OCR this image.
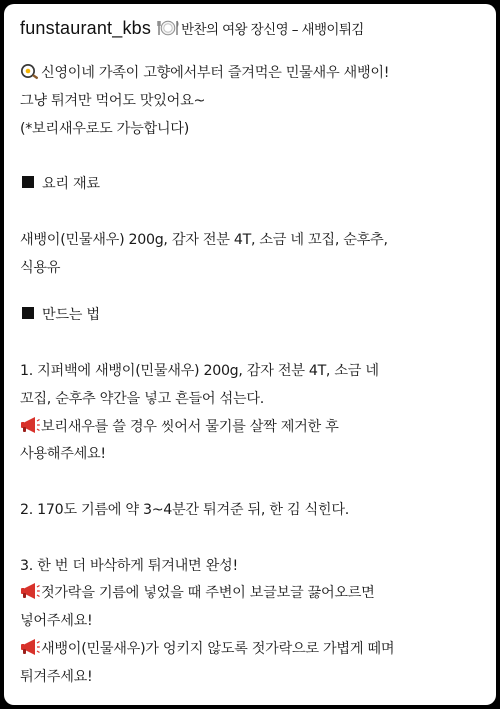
funstaurant_kbs 반찬의 여왕 장신영 – 새뱅이튀김
신영이네 가족이 고향에서부터 즐겨먹은 민물새우 새뱅이!
그냥 튀겨만 먹어도 맛있어요~
(*보리새우로도 가능합니다)
요리 재료
새뱅이(민물새우) 200g, 감자 전분 4T, 소금 네 꼬집, 순후추,
식용유
만드는 법
1. 지퍼백에 새뱅이(민물새우) 200g, 감자 전분 4T, 소금 네
꼬집, 순후추 약간을 넣고 흔들어 섞는다.
보리새우를 쓸 경우 씻어서 물기를 살짝 제거한 후
사용해주세요!
2. 170도 기름에 약 3~4분간 튀겨준 뒤, 한 김 식힌다.
3. 한 번 더 바삭하게 튀겨내면 완성!
젓가락을 기름에 넣었을 때 주변이 보글보글 끓어오르면
넣어주세요!
새뱅이(민물새우)가 엉키지 않도록 젓가락으로 가볍게 떼며
튀겨주세요!
